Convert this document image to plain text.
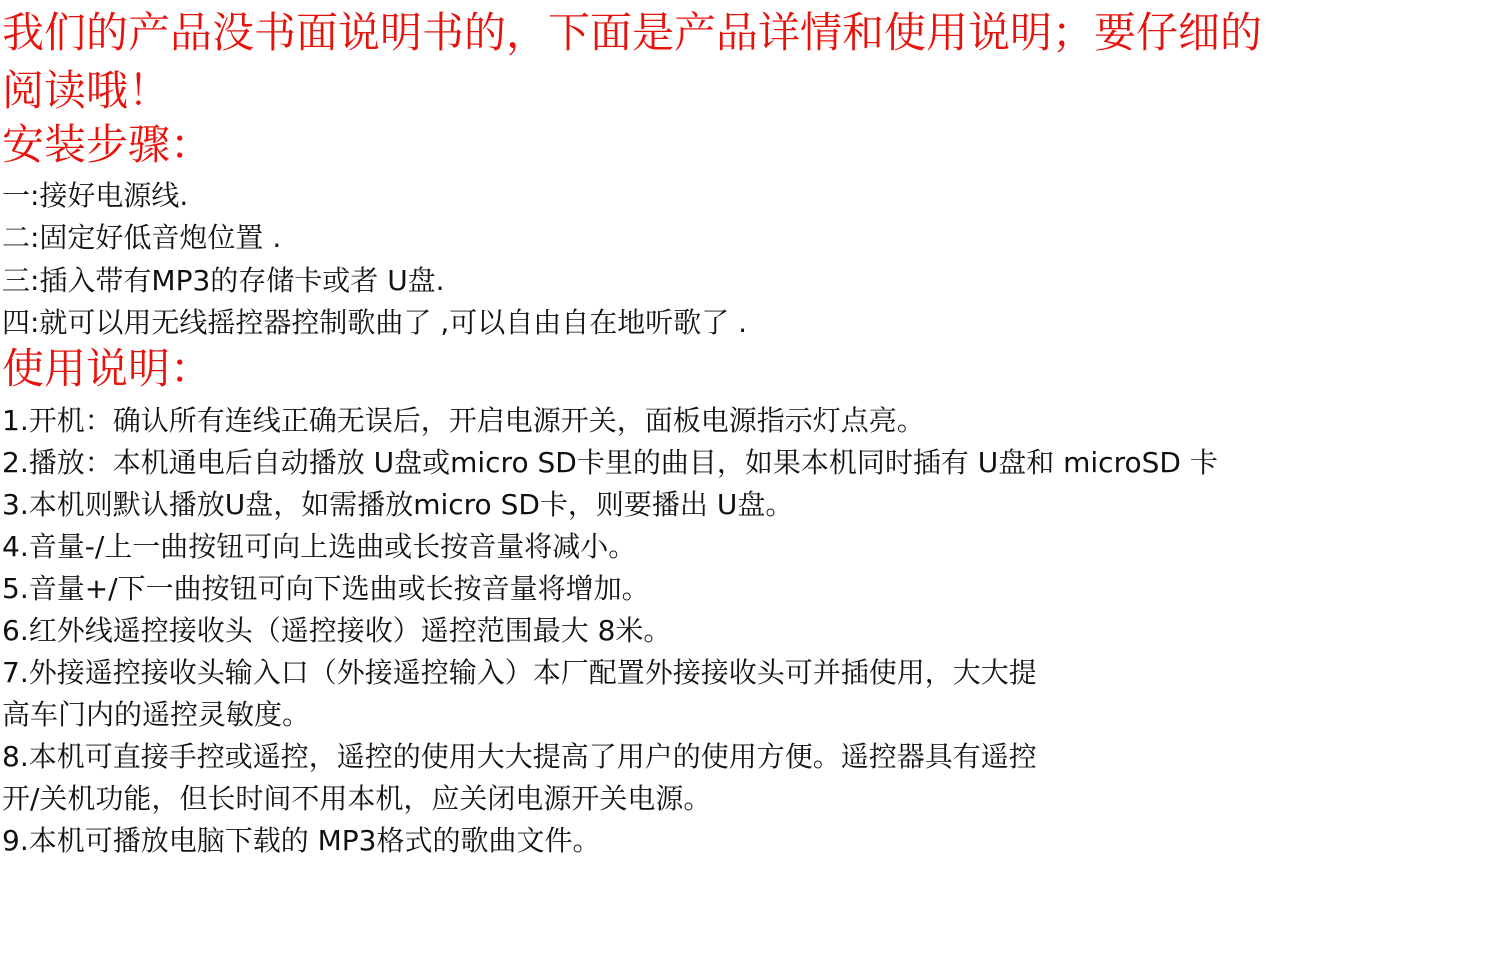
我们的产品没书面说明书的，下面是产品详情和使用说明；要仔细的
阅读哦！
安装步骤：
一:接好电源线.
二:固定好低音炮位置 .
三:插入带有MP3的存储卡或者 U盘.
四:就可以用无线摇控器控制歌曲了 ,可以自由自在地听歌了 .
使用说明：
1.开机：确认所有连线正确无误后，开启电源开关，面板电源指示灯点亮。
2.播放：本机通电后自动播放 U盘或micro SD卡里的曲目，如果本机同时插有 U盘和 microSD 卡
3.本机则默认播放U盘，如需播放micro SD卡，则要播出 U盘。
4.音量-/上一曲按钮可向上选曲或长按音量将减小。
5.音量+/下一曲按钮可向下选曲或长按音量将增加。
6.红外线遥控接收头（遥控接收）遥控范围最大 8米。
7.外接遥控接收头输入口（外接遥控输入）本厂配置外接接收头可并插使用，大大提
高车门内的遥控灵敏度。
8.本机可直接手控或遥控，遥控的使用大大提高了用户的使用方便。遥控器具有遥控
开/关机功能，但长时间不用本机，应关闭电源开关电源。
9.本机可播放电脑下载的 MP3格式的歌曲文件。
